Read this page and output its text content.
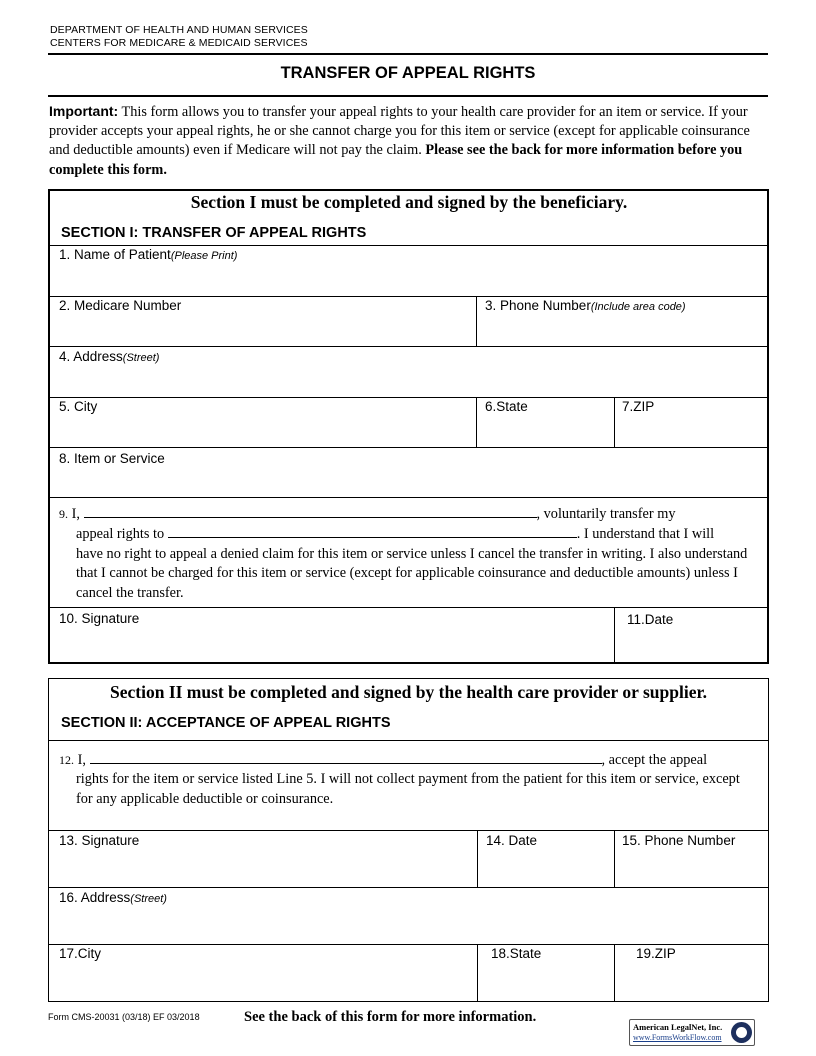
DEPARTMENT OF HEALTH AND HUMAN SERVICES
CENTERS FOR MEDICARE & MEDICAID SERVICES
TRANSFER OF APPEAL RIGHTS
Important: This form allows you to transfer your appeal rights to your health care provider for an item or service. If your provider accepts your appeal rights, he or she cannot charge you for this item or service (except for applicable coinsurance and deductible amounts) even if Medicare will not pay the claim. Please see the back for more information before you complete this form.
Section I must be completed and signed by the beneficiary.
SECTION I: TRANSFER OF APPEAL RIGHTS
1. Name of Patient(Please Print)
2. Medicare Number	3. Phone Number(Include area code)
4. Address(Street)
5. City	6.State	7.ZIP
8. Item or Service
9. I,	, voluntarily transfer my
appeal rights to	. I understand that I will
have no right to appeal a denied claim for this item or service unless I cancel the transfer in writing. I also understand that I cannot be charged for this item or service (except for applicable coinsurance and deductible amounts) unless I cancel the transfer.
10. Signature	11.Date
Section II must be completed and signed by the health care provider or supplier.
SECTION II: ACCEPTANCE OF APPEAL RIGHTS
12. I,	, accept the appeal
rights for the item or service listed Line 5. I will not collect payment from the patient for this item or service, except for any applicable deductible or coinsurance.
13. Signature	14. Date	15. Phone Number
16. Address(Street)
17.City	18.State	19.ZIP
Form CMS-20031 (03/18) EF 03/2018	See the back of this form for more information.
American LegalNet, Inc.
www.FormsWorkFlow.com
